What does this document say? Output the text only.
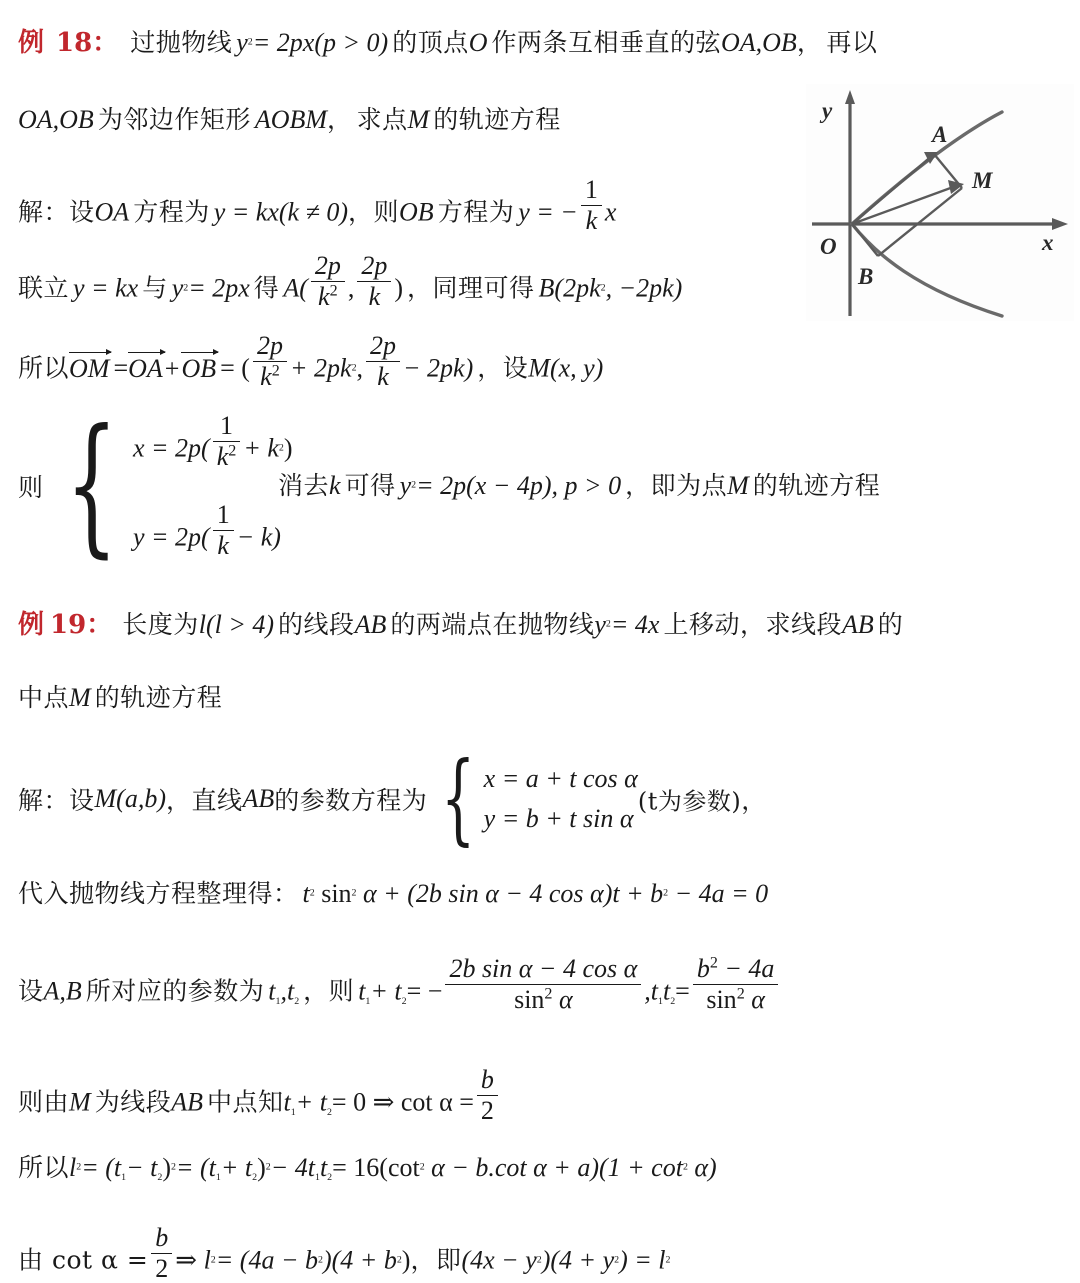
例 18： 过抛物线 $y^2= 2px(p > 0)$ 的顶点O 作两条互相垂直的弦OA,OB， 再以
OA,OB 为邻边作矩形 AOBM， 求点M 的轨迹方程
解：设OA 方程为 y = kx(k ≠ 0)，则OB 方程为 y = − $\frac{1}{k}$ x
联立 y = kx 与 $y^2= 2px$ 得 $A( \frac{2p}{k^2}$ , $\frac{2p}{k}$ ) ，同理可得 $B(2pk^2$, −2pk)
所以
OM =
OA+
OB = ( $\frac{2p}{k^2} + 2pk^2$, $\frac{2p}{k} - 2pk$) ，设M(x, y)
则 { $x = 2p( \frac{1}{k^2} + k^2)$
$y = 2p( \frac{1}{k} - k)$
消去k 可得 $y^2= 2p(x - 4p)$, p > 0 ，即为点M 的轨迹方程
y
x
O
A
M
B
例 19： 长度为l(l > 4) 的线段AB 的两端点在抛物线$y^2= 4x$ 上移动，求线段AB 的
中点M 的轨迹方程
解：设M(a,b)，直线AB的参数方程为 { x = a + t cos α
y = b + t sin α
(t为参数)，
代入抛物线方程整理得： $t^2$ $\sin^2 \alpha + (2b$ sin α − 4 $\cos \alpha)t + b^2 - 4a = 0$
设A,B 所对应的参数为 $t_1,t_2$ ，则 $t_1+ t_2= - \frac{\text{2b sin α − 4 cos α}}{\sin^2 \alpha} ,t_1t_2= \frac{b^2 - 4a}{\sin^2 \alpha}$
则由M 为线段AB 中点知$t_1+ t_2= 0$ ⇒ $\cot \alpha = \frac{b}{2}$
所以$l^2= (t_1- t_2)^2= (t_1+ t_2)^2- 4t_1t_2= 16(\cot^2$ α − b.cot $\alpha + a)(1 + \cot^2 \alpha)$
由 $\cot \alpha = \frac{b}{2}$ ⇒ $l^2= (4a - b^2)(4 + b^2)$，即$(4x - y^2)(4 + y^2) = l^2$
